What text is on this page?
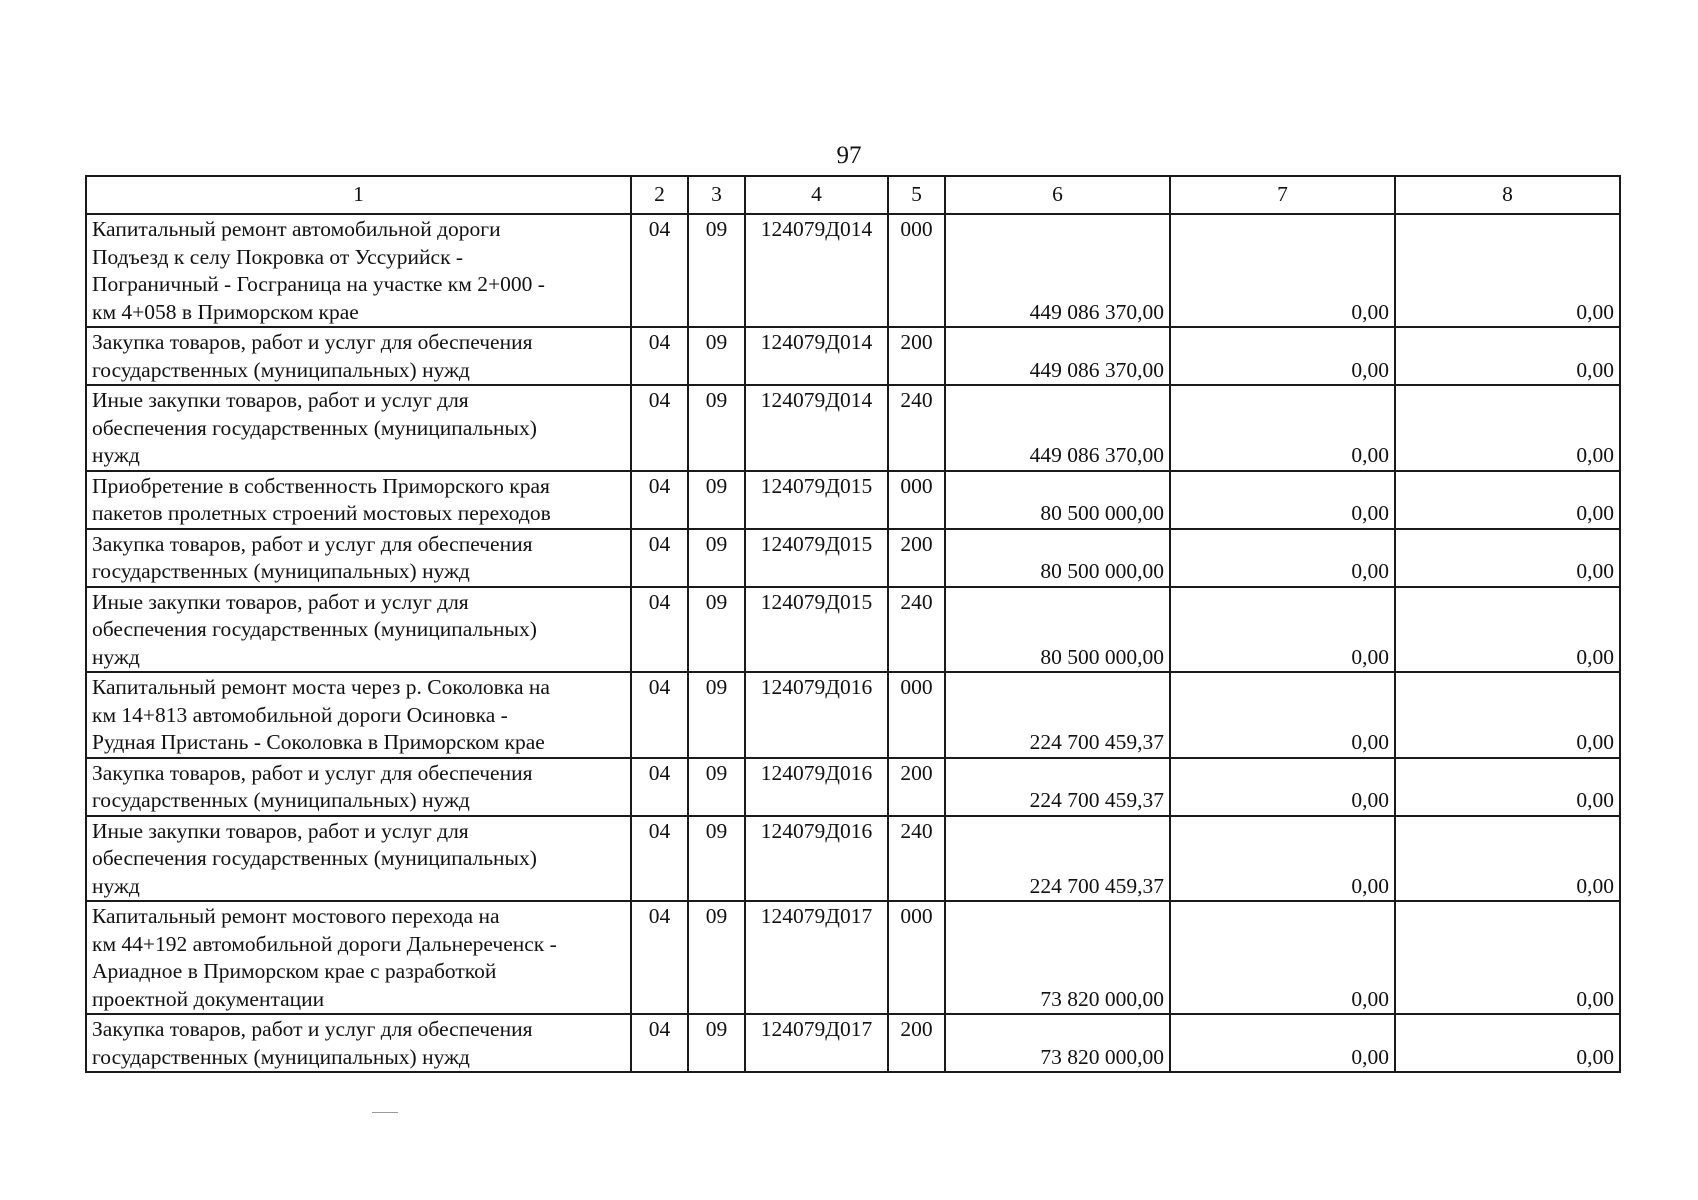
97
1	2	3	4	5	6	7	8

Капитальный ремонт автомобильной дороги
Подъезд к селу Покровка от Уссурийск -
Пограничный - Госграница на участке км 2+000 -
км 4+058 в Приморском крае	04	09	124079Д014	000	449 086 370,00	0,00	0,00

Закупка товаров, работ и услуг для обеспечения
государственных (муниципальных) нужд	04	09	124079Д014	200	449 086 370,00	0,00	0,00

Иные закупки товаров, работ и услуг для
обеспечения государственных (муниципальных)
нужд	04	09	124079Д014	240	449 086 370,00	0,00	0,00

Приобретение в собственность Приморского края
пакетов пролетных строений мостовых переходов	04	09	124079Д015	000	80 500 000,00	0,00	0,00

Закупка товаров, работ и услуг для обеспечения
государственных (муниципальных) нужд	04	09	124079Д015	200	80 500 000,00	0,00	0,00

Иные закупки товаров, работ и услуг для
обеспечения государственных (муниципальных)
нужд	04	09	124079Д015	240	80 500 000,00	0,00	0,00

Капитальный ремонт моста через р. Соколовка на
км 14+813 автомобильной дороги Осиновка -
Рудная Пристань - Соколовка в Приморском крае	04	09	124079Д016	000	224 700 459,37	0,00	0,00

Закупка товаров, работ и услуг для обеспечения
государственных (муниципальных) нужд	04	09	124079Д016	200	224 700 459,37	0,00	0,00

Иные закупки товаров, работ и услуг для
обеспечения государственных (муниципальных)
нужд	04	09	124079Д016	240	224 700 459,37	0,00	0,00

Капитальный ремонт мостового перехода на
км 44+192 автомобильной дороги Дальнереченск -
Ариадное в Приморском крае с разработкой
проектной документации	04	09	124079Д017	000	73 820 000,00	0,00	0,00

Закупка товаров, работ и услуг для обеспечения
государственных (муниципальных) нужд	04	09	124079Д017	200	73 820 000,00	0,00	0,00
